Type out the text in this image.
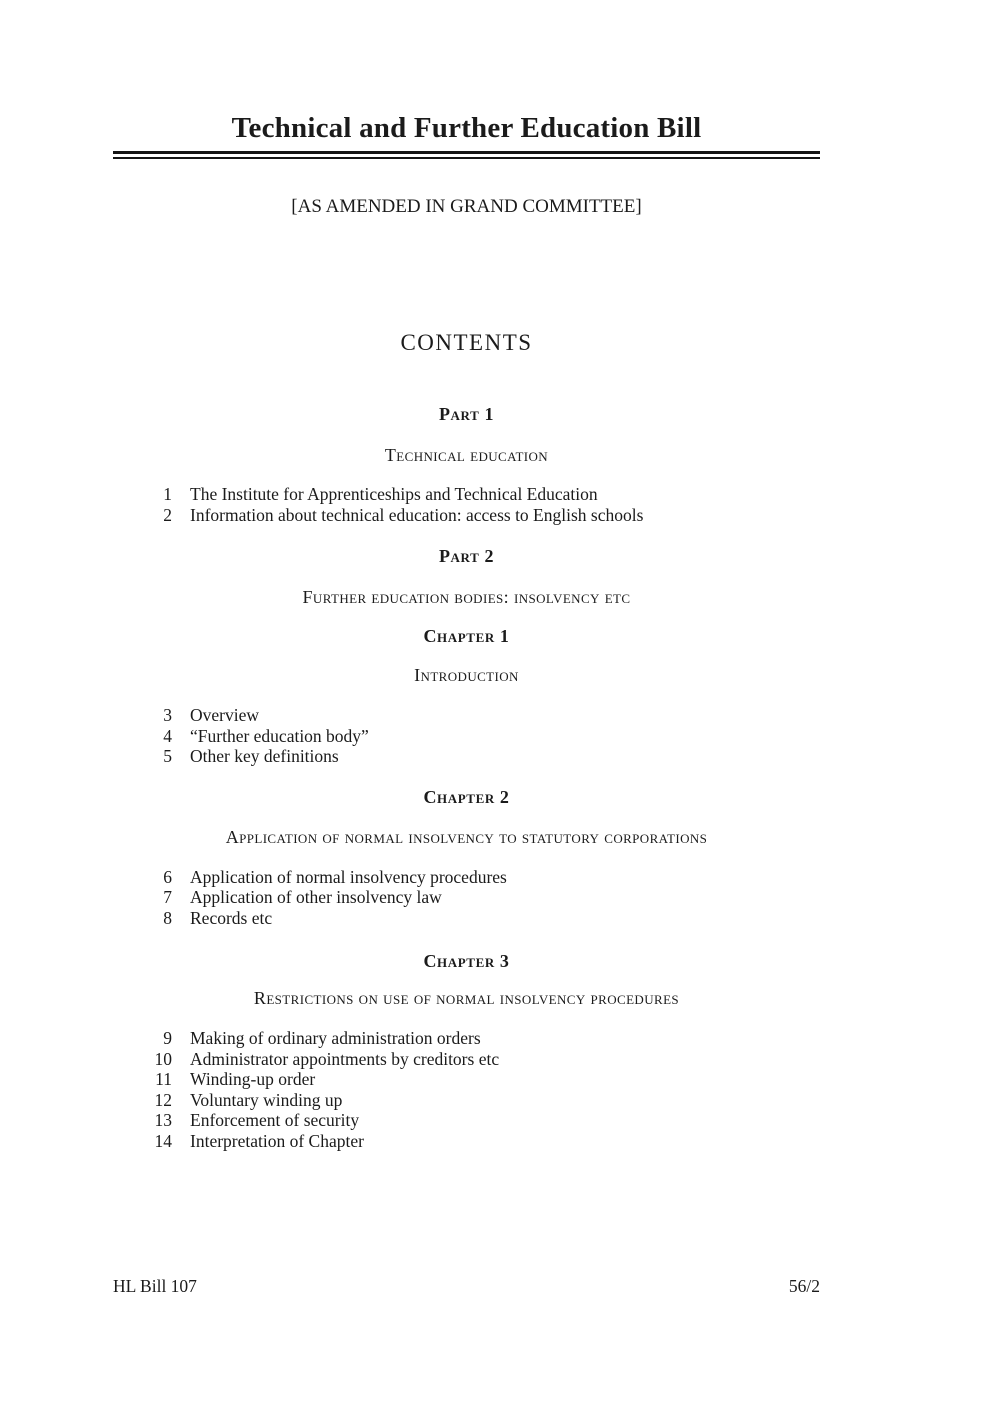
Technical and Further Education Bill
[AS AMENDED IN GRAND COMMITTEE]
CONTENTS
Part 1
Technical education
1 The Institute for Apprenticeships and Technical Education
2 Information about technical education: access to English schools
Part 2
Further education bodies: insolvency etc
Chapter 1
Introduction
3 Overview
4 “Further education body”
5 Other key definitions
Chapter 2
Application of normal insolvency to statutory corporations
6 Application of normal insolvency procedures
7 Application of other insolvency law
8 Records etc
Chapter 3
Restrictions on use of normal insolvency procedures
9 Making of ordinary administration orders
10 Administrator appointments by creditors etc
11 Winding-up order
12 Voluntary winding up
13 Enforcement of security
14 Interpretation of Chapter
HL Bill 107	56/2
